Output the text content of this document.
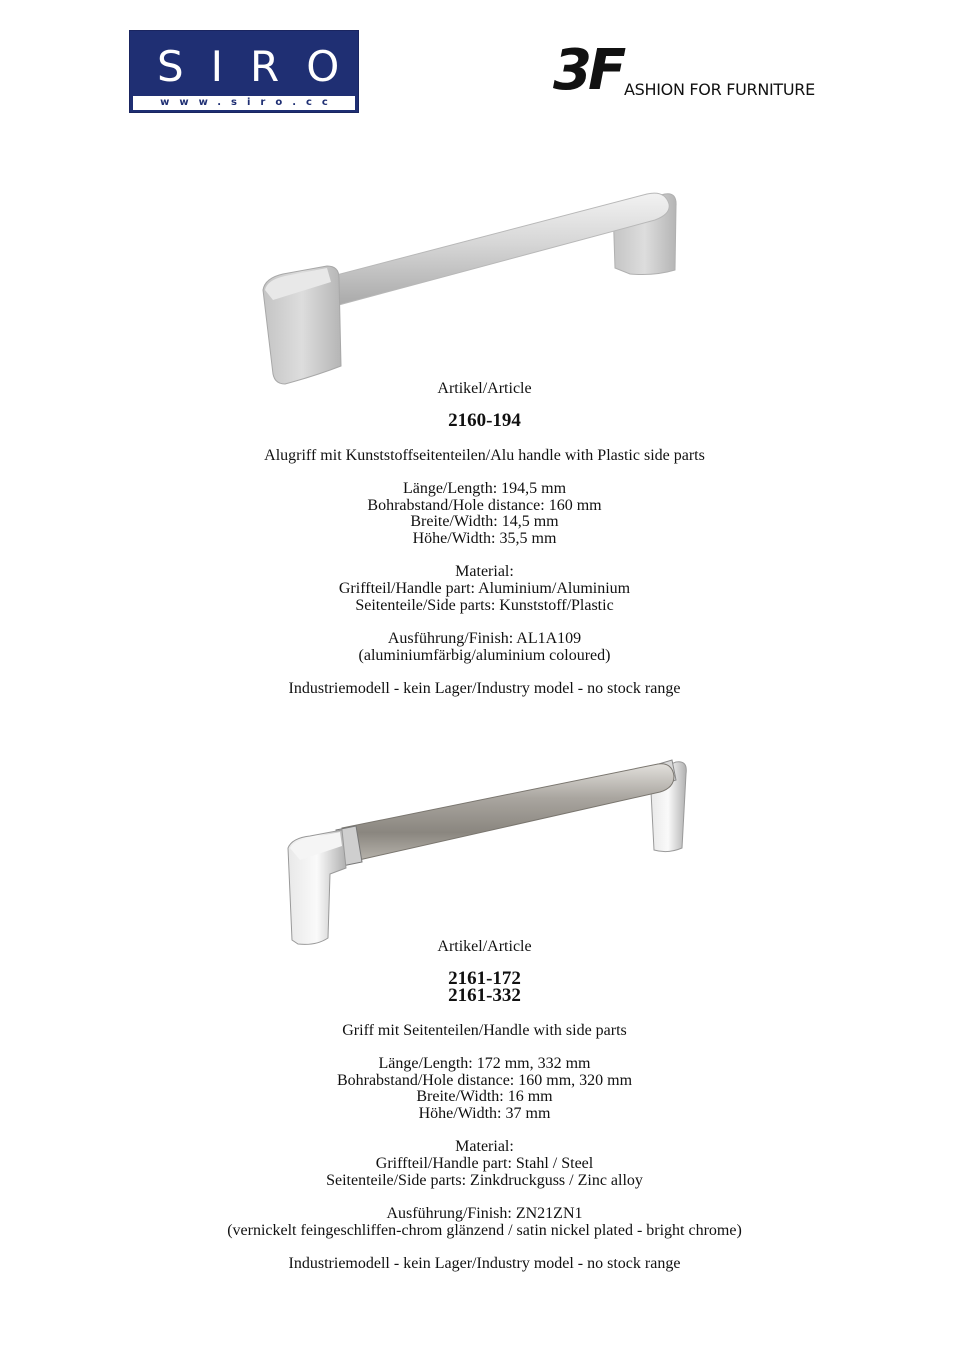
SIRO
www.siro.cc	3F ASHION FOR FURNITURE

Artikel/Article

2160-194

Alugriff mit Kunststoffseitenteilen/Alu handle with Plastic side parts

Länge/Length: 194,5 mm

Bohrabstand/Hole distance: 160 mm

Breite/Width: 14,5 mm

Höhe/Width: 35,5 mm

Material:

Griffteil/Handle part: Aluminium/Aluminium

Seitenteile/Side parts: Kunststoff/Plastic

Ausführung/Finish: AL1A109

(aluminiumfärbig/aluminium coloured)

Industriemodell - kein Lager/Industry model - no stock range

Artikel/Article

2161-172

2161-332

Griff mit Seitenteilen/Handle with side parts

Länge/Length: 172 mm, 332 mm

Bohrabstand/Hole distance: 160 mm, 320 mm

Breite/Width: 16 mm

Höhe/Width: 37 mm

Material:

Griffteil/Handle part: Stahl / Steel

Seitenteile/Side parts: Zinkdruckguss / Zinc alloy

Ausführung/Finish: ZN21ZN1

(vernickelt feingeschliffen-chrom glänzend / satin nickel plated - bright chrome)

Industriemodell - kein Lager/Industry model - no stock range
